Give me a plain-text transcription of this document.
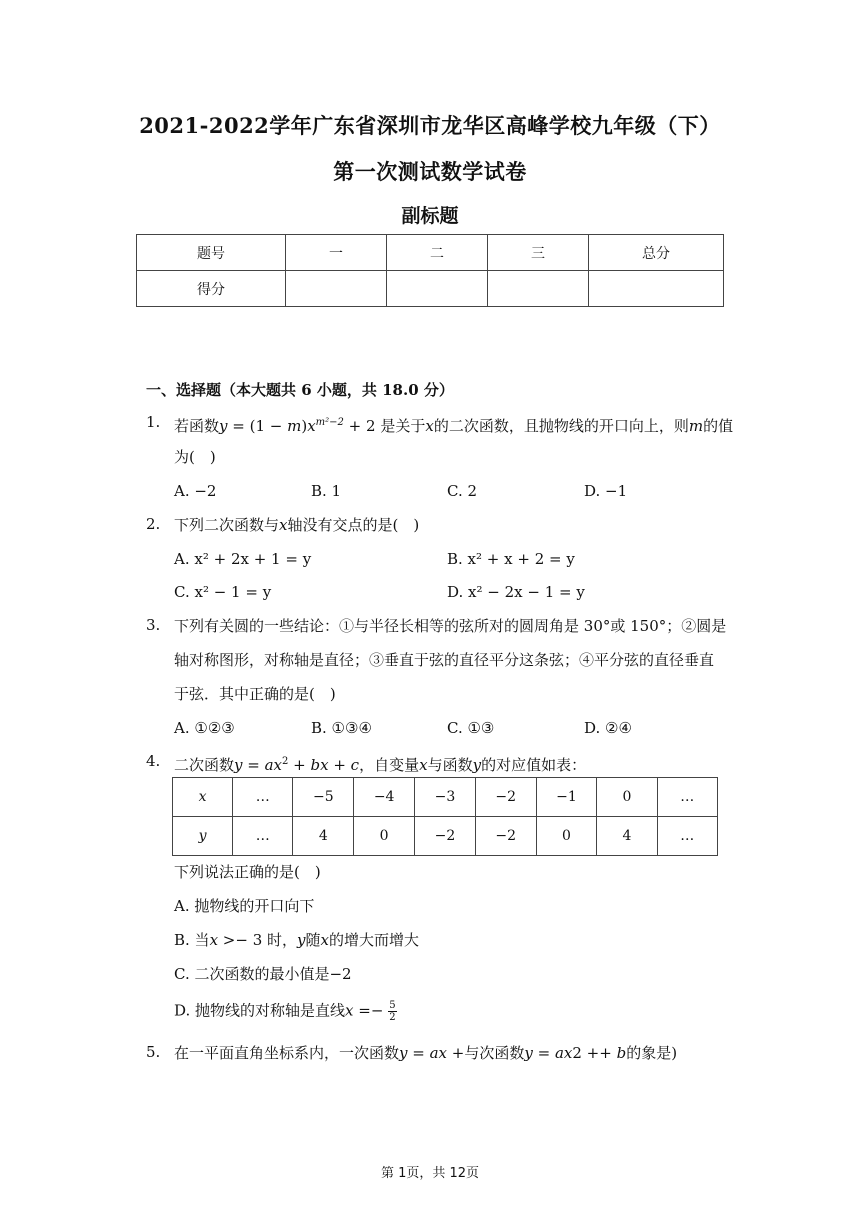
2021-2022学年广东省深圳市龙华区高峰学校九年级（下）
第一次测试数学试卷
副标题
题号	一	二	三	总分
得分				
一、选择题（本大题共 6 小题，共 18.0 分）
1. 若函数$y = (1 - m)x^{m^2-2} + 2$ 是关于x的二次函数，且抛物线的开口向上，则m的值
为(　)
A. −2	B. 1	C. 2	D. −1
2. 下列二次函数与x轴没有交点的是(　)
A. x² + 2x + 1 = y	B. x² + x + 2 = y
C. x² − 1 = y	D. x² − 2x − 1 = y
3. 下列有关圆的一些结论：①与半径长相等的弦所对的圆周角是 30°或 150°；②圆是
轴对称图形，对称轴是直径；③垂直于弦的直径平分这条弦；④平分弦的直径垂直
于弦．其中正确的是(　)
A. ①②③	B. ①③④	C. ①③	D. ②④
4. 二次函数$y = ax^2$ + bx + c，自变量x与函数y的对应值如表：
x	…	−5	−4	−3	−2	−1	0	…
y	…	4	0	−2	−2	0	4	…
下列说法正确的是(　)
A. 抛物线的开口向下
B. 当x >− 3 时，y随x的增大而增大
C. 二次函数的最小值是−2
D. 抛物线的对称轴是直线$x =- \frac{5}{2}$
5. 在一平面直角坐标系内，一次函数y = ax +与次函数y = ax2 ++ b的象是)
第 1页，共 12页
